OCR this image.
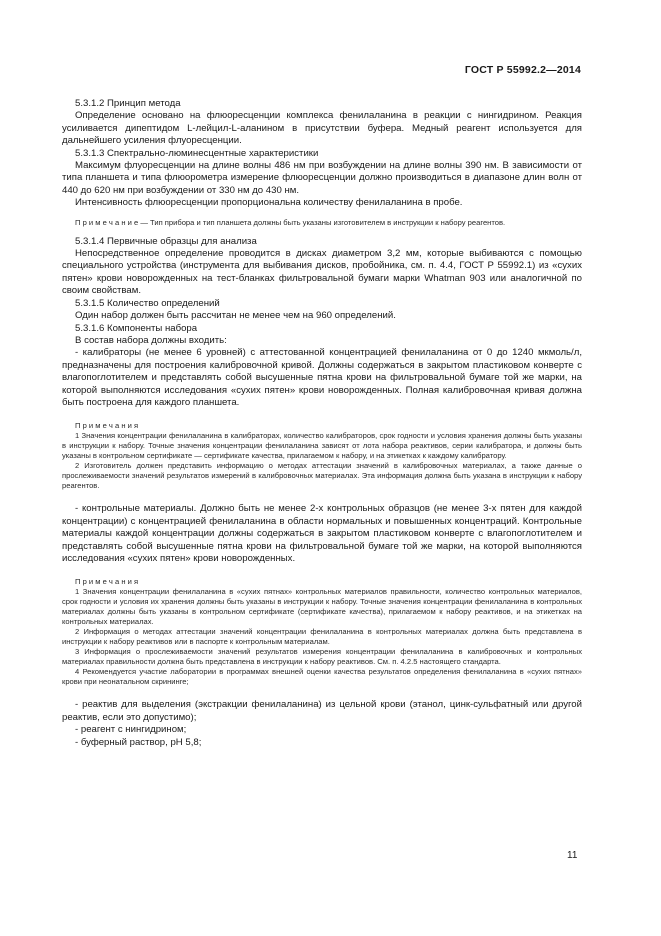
ГОСТ Р 55992.2—2014

5.3.1.2 Принцип метода

Определение основано на флюоресценции комплекса фенилаланина в реакции с нингидрином. Реакция усиливается дипептидом L-лейцил-L-аланином в присутствии буфера. Медный реагент используется для дальнейшего усиления флуоресценции.

5.3.1.3 Спектрально-люминесцентные характеристики

Максимум флуоресценции на длине волны 486 нм при возбуждении на длине волны 390 нм. В зависимости от типа планшета и типа флюорометра измерение флюоресценции должно производиться в диапазоне длин волн от 440 до 620 нм при возбуждении от 330 нм до 430 нм.

Интенсивность флюоресценции пропорциональна количеству фенилаланина в пробе.

П р и м е ч а н и е — Тип прибора и тип планшета должны быть указаны изготовителем в инструкции к набору реагентов.

5.3.1.4 Первичные образцы для анализа

Непосредственное определение проводится в дисках диаметром 3,2 мм, которые выбиваются с помощью специального устройства (инструмента для выбивания дисков, пробойника, см. п. 4.4, ГОСТ Р 55992.1) из «сухих пятен» крови новорожденных на тест-бланках фильтровальной бумаги марки Whatman 903 или аналогичной по своим свойствам.

5.3.1.5 Количество определений

Один набор должен быть рассчитан не менее чем на 960 определений.

5.3.1.6 Компоненты набора

В состав набора должны входить:

- калибраторы (не менее 6 уровней) с аттестованной концентрацией фенилаланина от 0 до 1240 мкмоль/л, предназначены для построения калибровочной кривой. Должны содержаться в закрытом пластиковом конверте с влагопоглотителем и представлять собой высушенные пятна крови на фильтровальной бумаге той же марки, на которой выполняются исследования «сухих пятен» крови новорожденных. Полная калибровочная кривая должна быть построена для каждого планшета.

П р и м е ч а н и я

1 Значения концентрации фенилаланина в калибраторах, количество калибраторов, срок годности и условия хранения должны быть указаны в инструкции к набору. Точные значения концентрации фенилаланина зависят от лота набора реактивов, серии калибратора, и должны быть указаны в контрольном сертификате — сертификате качества, прилагаемом к набору, и на этикетках к каждому калибратору.

2 Изготовитель должен представить информацию о методах аттестации значений в калибровочных материалах, а также данные о прослеживаемости значений результатов измерений в калибровочных материалах. Эта информация должна быть указана в инструкции к набору реагентов.

- контрольные материалы. Должно быть не менее 2-х контрольных образцов (не менее 3-х пятен для каждой концентрации) с концентрацией фенилаланина в области нормальных и повышенных концентраций. Контрольные материалы каждой концентрации должны содержаться в закрытом пластиковом конверте с влагопоглотителем и представлять собой высушенные пятна крови на фильтровальной бумаге той же марки, на которой выполняются исследования «сухих пятен» крови новорожденных.

П р и м е ч а н и я

1 Значения концентрации фенилаланина в «сухих пятнах» контрольных материалов правильности, количество контрольных материалов, срок годности и условия их хранения должны быть указаны в инструкции к набору. Точные значения концентрации фенилаланина в контрольных материалах должны быть указаны в контрольном сертификате (сертификате качества), прилагаемом к набору реактивов, и на этикетках на контрольных материалах.

2 Информация о методах аттестации значений концентрации фенилаланина в контрольных материалах должна быть представлена в инструкции к набору реактивов или в паспорте к контрольным материалам.

3 Информация о прослеживаемости значений результатов измерения концентрации фенилаланина в калибровочных и контрольных материалах правильности должна быть представлена в инструкции к набору реактивов. См. п. 4.2.5 настоящего стандарта.

4 Рекомендуется участие лаборатории в программах внешней оценки качества результатов определения фенилаланина в «сухих пятнах» крови при неонатальном скрининге;

- реактив для выделения (экстракции фенилаланина) из цельной крови (этанол, цинк-сульфатный или другой реактив, если это допустимо);

- реагент с нингидрином;

- буферный раствор, pH 5,8;

11
